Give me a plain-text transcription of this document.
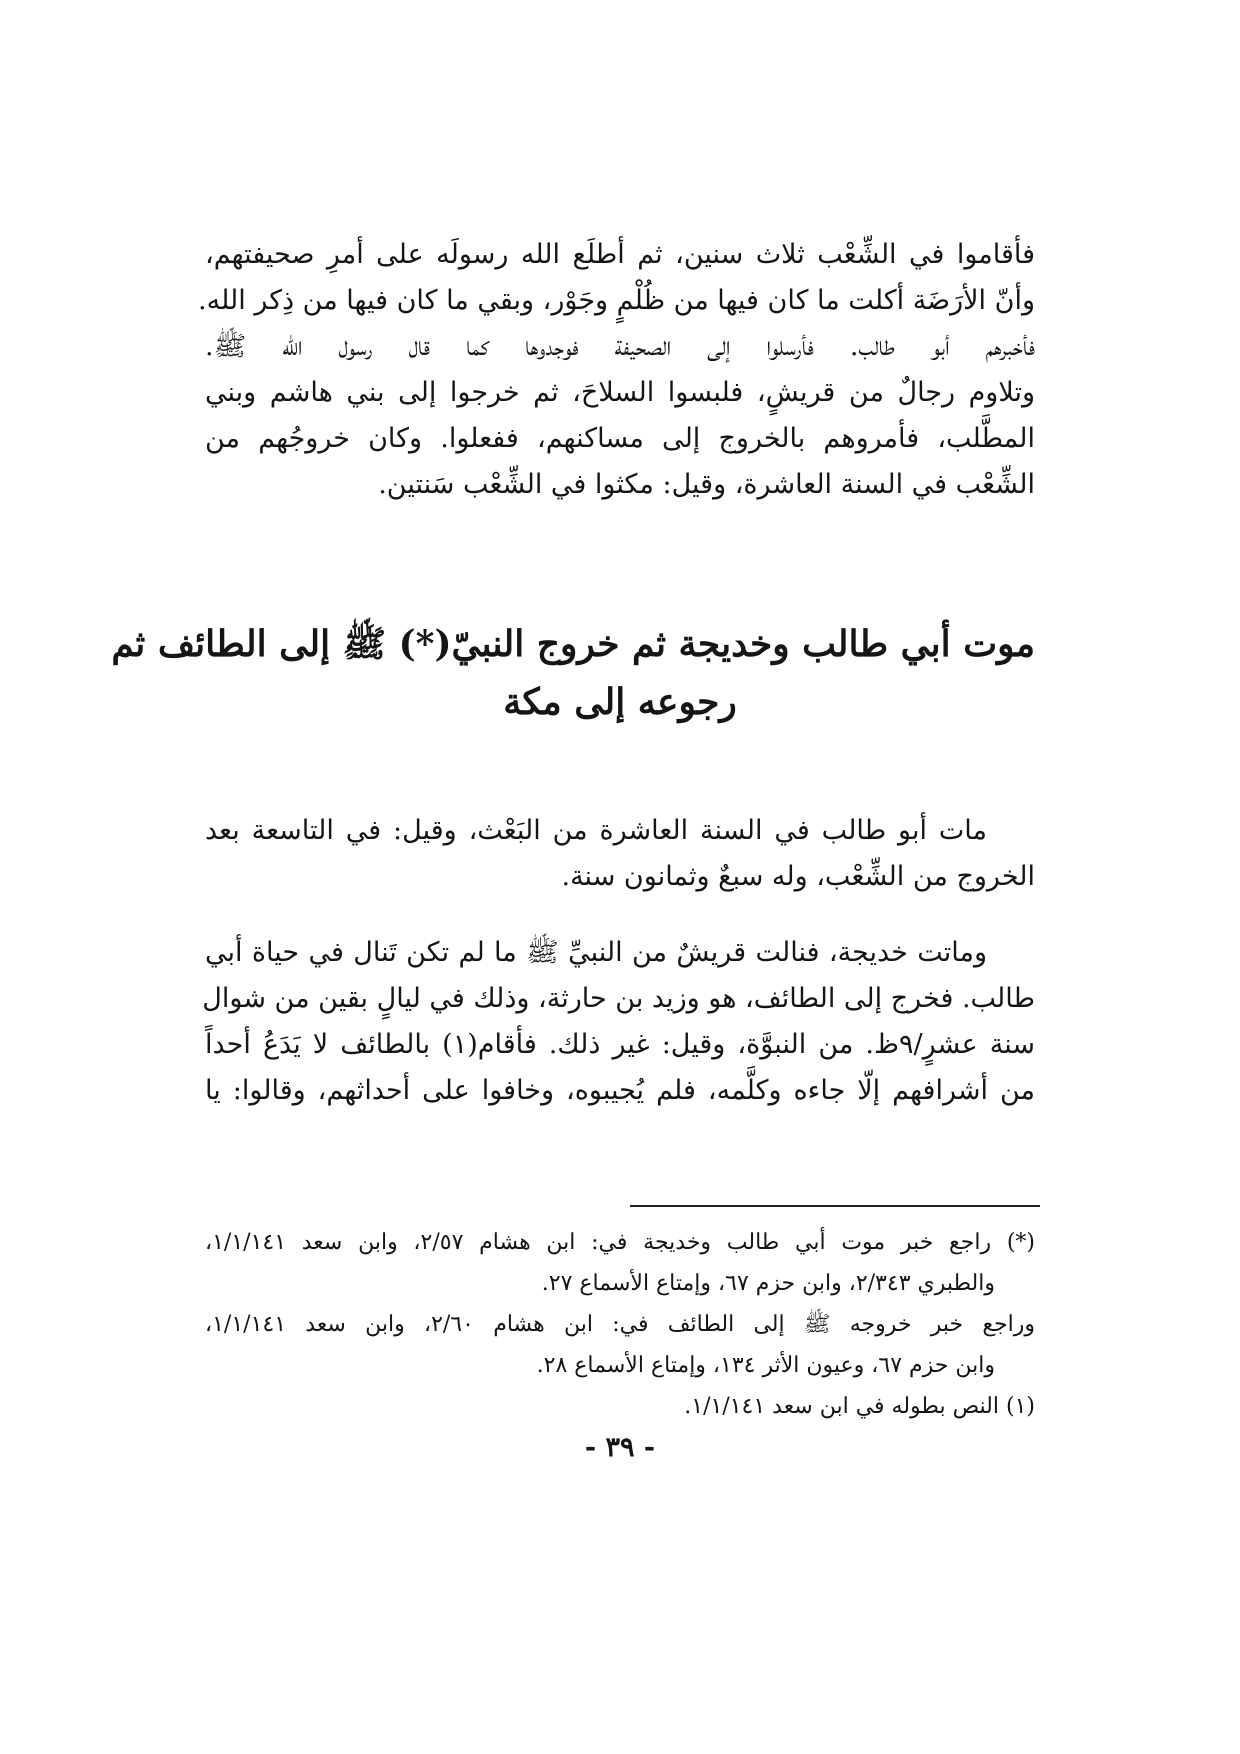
فأقاموا في الشِّعْب ثلاث سنين، ثم أطلَع الله رسولَه على أمرِ صحيفتهم،
وأنّ الأرَضَة أكلت ما كان فيها من ظُلْمٍ وجَوْر، وبقي ما كان فيها من ذِكر الله.
فأخبرهم أبو طالب. فأرسلوا إلى الصحيفة فوجدوها كما قال رسول الله ﷺ.
وتلاوم رجالٌ من قريشٍ، فلبسوا السلاحَ، ثم خرجوا إلى بني هاشم وبني
المطَّلب، فأمروهم بالخروج إلى مساكنهم، ففعلوا. وكان خروجُهم من
الشِّعْب في السنة العاشرة، وقيل: مكثوا في الشِّعْب سَنتين.
موت أبي طالب وخديجة ثم خروج النبيّ(*) ﷺ إلى الطائف ثم
رجوعه إلى مكة
مات أبو طالب في السنة العاشرة من البَعْث، وقيل: في التاسعة بعد
الخروج من الشِّعْب، وله سبعٌ وثمانون سنة.
وماتت خديجة، فنالت قريشٌ من النبيِّ ﷺ ما لم تكن تَنال في حياة أبي
طالب. فخرج إلى الطائف، هو وزيد بن حارثة، وذلك في ليالٍ بقين من شوال
سنة عشرٍ/٩ظ. من النبوَّة، وقيل: غير ذلك. فأقام(١) بالطائف لا يَدَعُ أحداً
من أشرافهم إلّا جاءه وكلَّمه، فلم يُجيبوه، وخافوا على أحداثهم، وقالوا: يا
(*) راجع خبر موت أبي طالب وخديجة في: ابن هشام ٢/٥٧، وابن سعد ١/١/١٤١،
والطبري ٢/٣٤٣، وابن حزم ٦٧، وإمتاع الأسماع ٢٧.
وراجع خبر خروجه ﷺ إلى الطائف في: ابن هشام ٢/٦٠، وابن سعد ١/١/١٤١،
وابن حزم ٦٧، وعيون الأثر ١٣٤، وإمتاع الأسماع ٢٨.
(١) النص بطوله في ابن سعد ١/١/١٤١.
- ٣٩ -
